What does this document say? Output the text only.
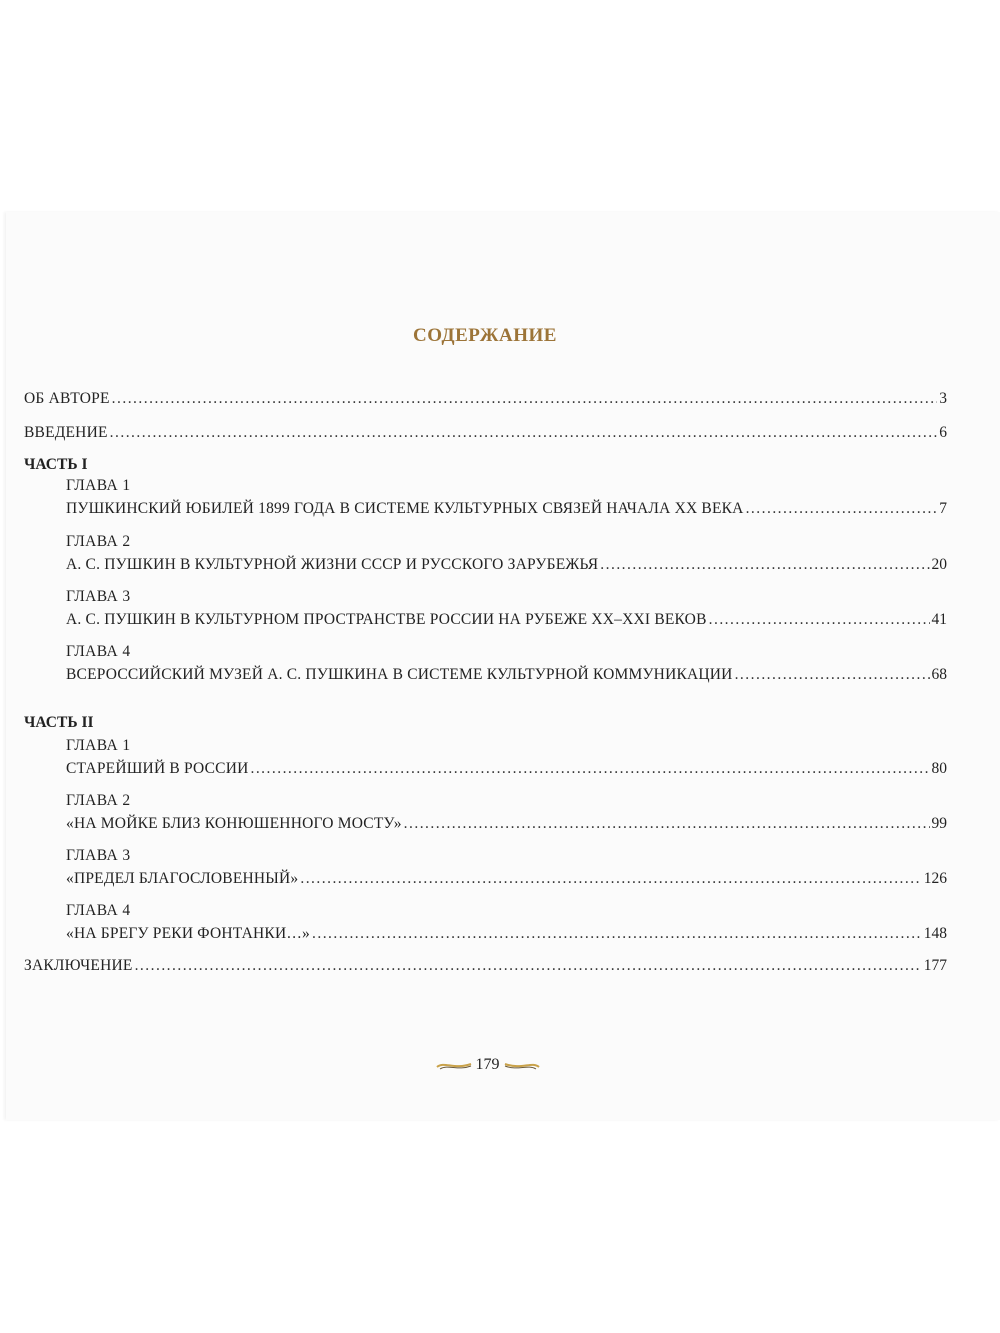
СОДЕРЖАНИЕ
ОБ АВТОРЕ . . .	3
ВВЕДЕНИЕ . . .	6
ЧАСТЬ I
ГЛАВА 1
ПУШКИНСКИЙ ЮБИЛЕЙ 1899 ГОДА В СИСТЕМЕ КУЛЬТУРНЫХ СВЯЗЕЙ НАЧАЛА XX ВЕКА . . .	7
ГЛАВА 2
А. С. ПУШКИН В КУЛЬТУРНОЙ ЖИЗНИ СССР И РУССКОГО ЗАРУБЕЖЬЯ . . .	20
ГЛАВА 3
А. С. ПУШКИН В КУЛЬТУРНОМ ПРОСТРАНСТВЕ РОССИИ НА РУБЕЖЕ XX–XXI ВЕКОВ . . .	41
ГЛАВА 4
ВСЕРОССИЙСКИЙ МУЗЕЙ А. С. ПУШКИНА В СИСТЕМЕ КУЛЬТУРНОЙ КОММУНИКАЦИИ . . .	68
ЧАСТЬ II
ГЛАВА 1
СТАРЕЙШИЙ В РОССИИ . . .	80
ГЛАВА 2
«НА МОЙКЕ БЛИЗ КОНЮШЕННОГО МОСТУ» . . .	99
ГЛАВА 3
«ПРЕДЕЛ БЛАГОСЛОВЕННЫЙ» . . .	126
ГЛАВА 4
«НА БРЕГУ РЕКИ ФОНТАНКИ…» . . .	148
ЗАКЛЮЧЕНИЕ . . .	177
179
